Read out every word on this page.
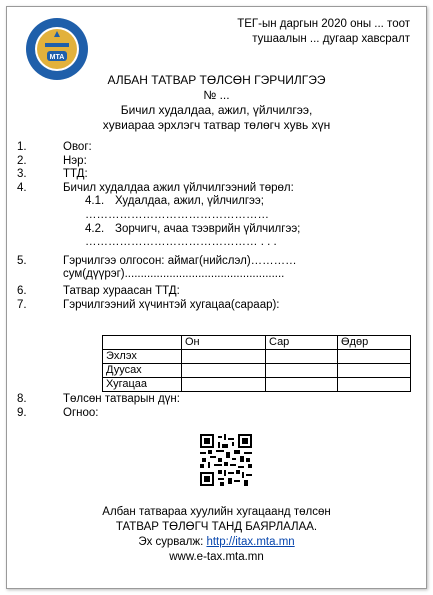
МТА
ТЕГ-ын даргын 2020 оны ... тоот
тушаалын ... дугаар хавсралт
АЛБАН ТАТВАР ТӨЛСӨН ГЭРЧИЛГЭЭ
№ ...
Бичил худалдаа, ажил, үйлчилгээ,
хувиараа эрхлэгч татвар төлөгч хувь хүн
1.	Овог:
2.	Нэр:
3.	ТТД:
4.	Бичил худалдаа ажил үйлчилгээний төрөл:
4.1. Худалдаа, ажил, үйлчилгээ;
…………………………………………
4.2. Зорчигч, ачаа тээврийн үйлчилгээ;
……………………………………… . . .
5.	Гэрчилгээ олгосон: аймаг(нийслэл)…………
сум(дүүрэг)..................................................
6.	Татвар хураасан ТТД:
7.	Гэрчилгээний хүчинтэй хугацаа(сараар):
	Он	Сар	Өдөр
Эхлэх			
Дуусах			
Хугацаа			
8.	Төлсөн татварын дүн:
9.	Огноо:
Албан татвараа хуулийн хугацаанд төлсөн
ТАТВАР ТӨЛӨГЧ ТАНД БАЯРЛАЛАА.
Эх сурвалж: http://itax.mta.mn
www.e-tax.mta.mn
